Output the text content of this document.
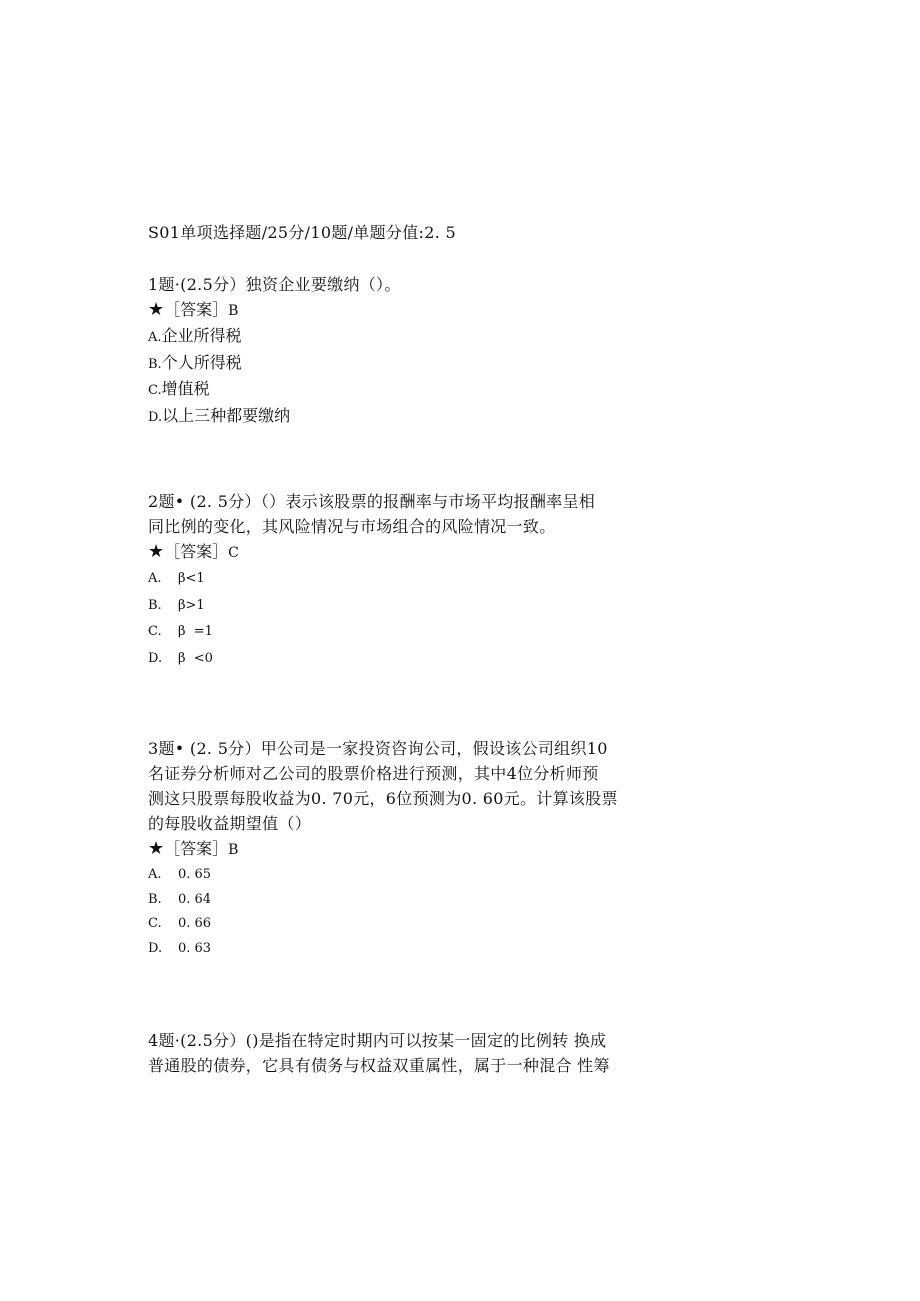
S01单项选择题/25分/10题/单题分值:2. 5

1题·(2.5分）独资企业要缴纳（）。

★［答案］B

A.企业所得税
B.个人所得税
C.增值税
D.以上三种都要缴纳

2题• (2. 5分）（）表示该股票的报酬率与市场平均报酬率呈相

同比例的变化，其风险情况与市场组合的风险情况一致。

★［答案］C

A. β<1
B. β>1
C. β  =1
D. β  <0

3题• (2. 5分）甲公司是一家投资咨询公司，假设该公司组织10

名证券分析师对乙公司的股票价格进行预测，其中4位分析师预

测这只股票每股收益为0. 70元，6位预测为0. 60元。计算该股票

的每股收益期望值（）

★［答案］B

A. 0. 65
B. 0. 64
C. 0. 66
D. 0. 63

4题·(2.5分）()是指在特定时期内可以按某一固定的比例转 换成

普通股的债券，它具有债务与权益双重属性，属于一种混合 性筹
